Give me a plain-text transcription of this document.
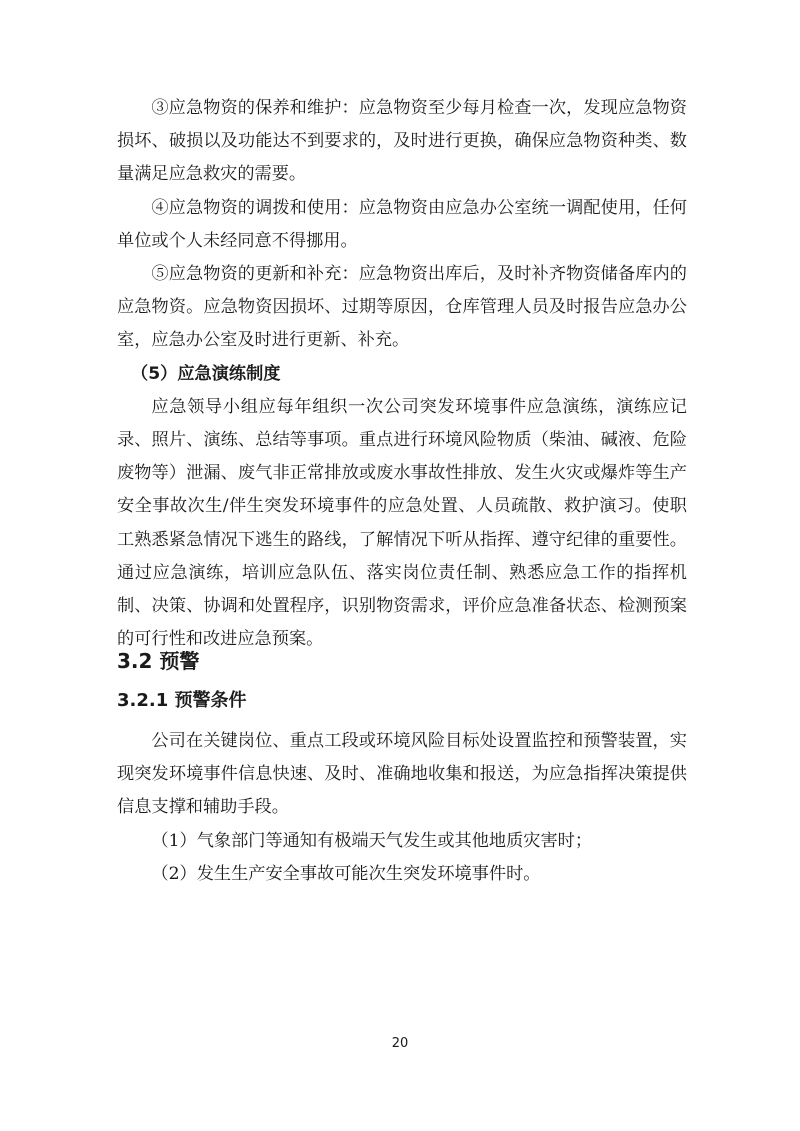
③应急物资的保养和维护：应急物资至少每月检查一次，发现应急物资损坏、破损以及功能达不到要求的，及时进行更换，确保应急物资种类、数量满足应急救灾的需要。

④应急物资的调拨和使用：应急物资由应急办公室统一调配使用，任何单位或个人未经同意不得挪用。

⑤应急物资的更新和补充：应急物资出库后，及时补齐物资储备库内的应急物资。应急物资因损坏、过期等原因，仓库管理人员及时报告应急办公室，应急办公室及时进行更新、补充。

（5）应急演练制度

应急领导小组应每年组织一次公司突发环境事件应急演练，演练应记录、照片、演练、总结等事项。重点进行环境风险物质（柴油、碱液、危险废物等）泄漏、废气非正常排放或废水事故性排放、发生火灾或爆炸等生产安全事故次生/伴生突发环境事件的应急处置、人员疏散、救护演习。使职工熟悉紧急情况下逃生的路线，了解情况下听从指挥、遵守纪律的重要性。通过应急演练，培训应急队伍、落实岗位责任制、熟悉应急工作的指挥机制、决策、协调和处置程序，识别物资需求，评价应急准备状态、检测预案的可行性和改进应急预案。

3.2 预警
3.2.1 预警条件

公司在关键岗位、重点工段或环境风险目标处设置监控和预警装置，实现突发环境事件信息快速、及时、准确地收集和报送，为应急指挥决策提供信息支撑和辅助手段。

（1）气象部门等通知有极端天气发生或其他地质灾害时；

（2）发生生产安全事故可能次生突发环境事件时。

20
